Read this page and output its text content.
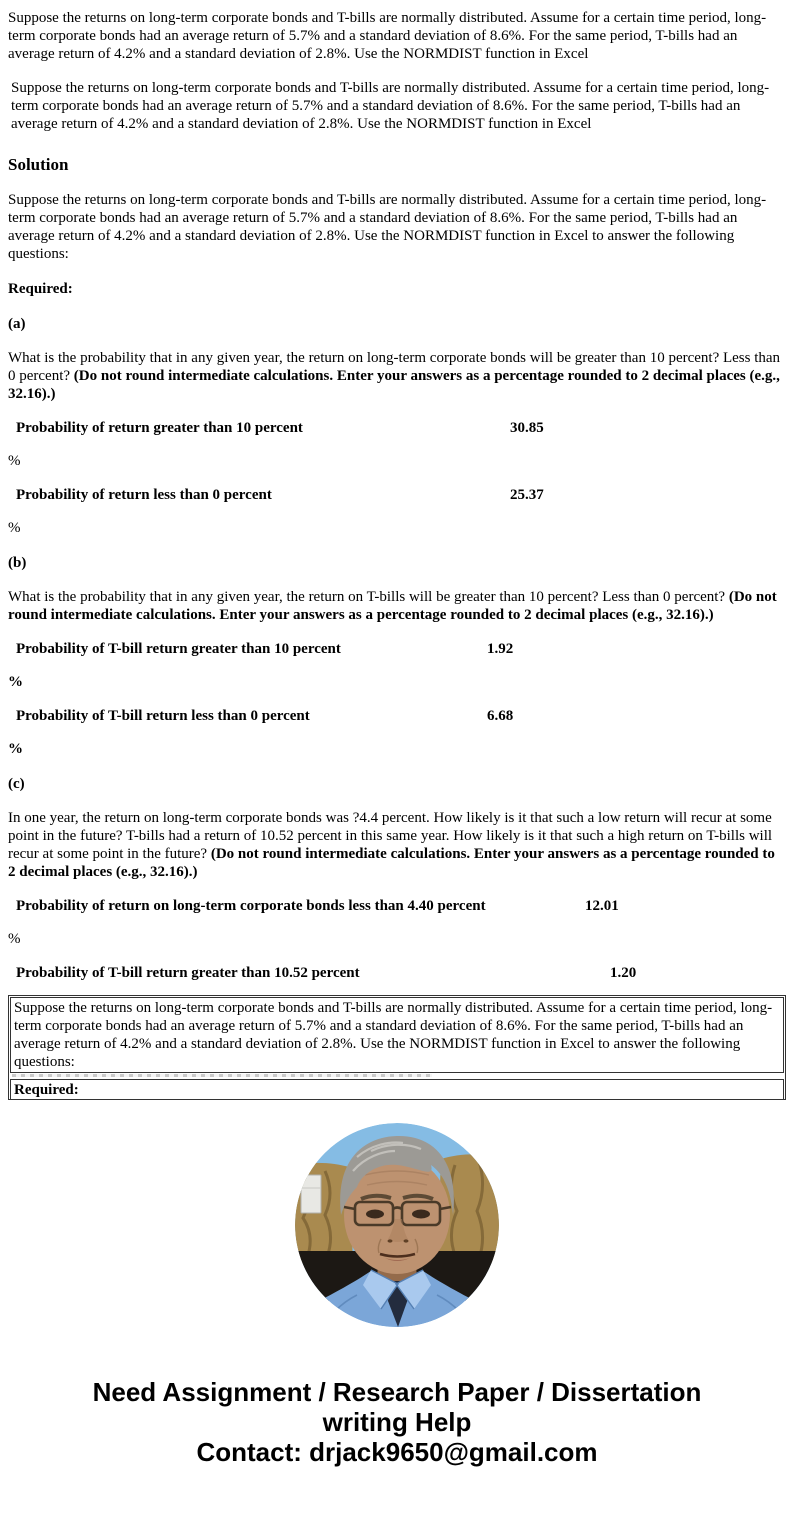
Suppose the returns on long-term corporate bonds and T-bills are normally distributed. Assume for a certain time period, long-term corporate bonds had an average return of 5.7% and a standard deviation of 8.6%. For the same period, T-bills had an average return of 4.2% and a standard deviation of 2.8%. Use the NORMDIST function in Excel

Suppose the returns on long-term corporate bonds and T-bills are normally distributed. Assume for a certain time period, long-term corporate bonds had an average return of 5.7% and a standard deviation of 8.6%. For the same period, T-bills had an average return of 4.2% and a standard deviation of 2.8%. Use the NORMDIST function in Excel

Solution

Suppose the returns on long-term corporate bonds and T-bills are normally distributed. Assume for a certain time period, long-term corporate bonds had an average return of 5.7% and a standard deviation of 8.6%. For the same period, T-bills had an average return of 4.2% and a standard deviation of 2.8%. Use the NORMDIST function in Excel to answer the following questions:

Required:

(a)

What is the probability that in any given year, the return on long-term corporate bonds will be greater than 10 percent? Less than 0 percent? (Do not round intermediate calculations. Enter your answers as a percentage rounded to 2 decimal places (e.g., 32.16).)

Probability of return greater than 10 percent	30.85

%

Probability of return less than 0 percent	25.37

%

(b)

What is the probability that in any given year, the return on T-bills will be greater than 10 percent? Less than 0 percent? (Do not round intermediate calculations. Enter your answers as a percentage rounded to 2 decimal places (e.g., 32.16).)

Probability of T-bill return greater than 10 percent	1.92

%

Probability of T-bill return less than 0 percent	6.68

%

(c)

In one year, the return on long-term corporate bonds was ?4.4 percent. How likely is it that such a low return will recur at some point in the future? T-bills had a return of 10.52 percent in this same year. How likely is it that such a high return on T-bills will recur at some point in the future? (Do not round intermediate calculations. Enter your answers as a percentage rounded to 2 decimal places (e.g., 32.16).)

Probability of return on long-term corporate bonds less than 4.40 percent	12.01

%

Probability of T-bill return greater than 10.52 percent	1.20
Suppose the returns on long-term corporate bonds and T-bills are normally distributed. Assume for a certain time period, long-term corporate bonds had an average return of 5.7% and a standard deviation of 8.6%. For the same period, T-bills had an average return of 4.2% and a standard deviation of 2.8%. Use the NORMDIST function in Excel to answer the following questions:
Required:
Need Assignment / Research Paper / Dissertation
writing Help
Contact: drjack9650@gmail.com
